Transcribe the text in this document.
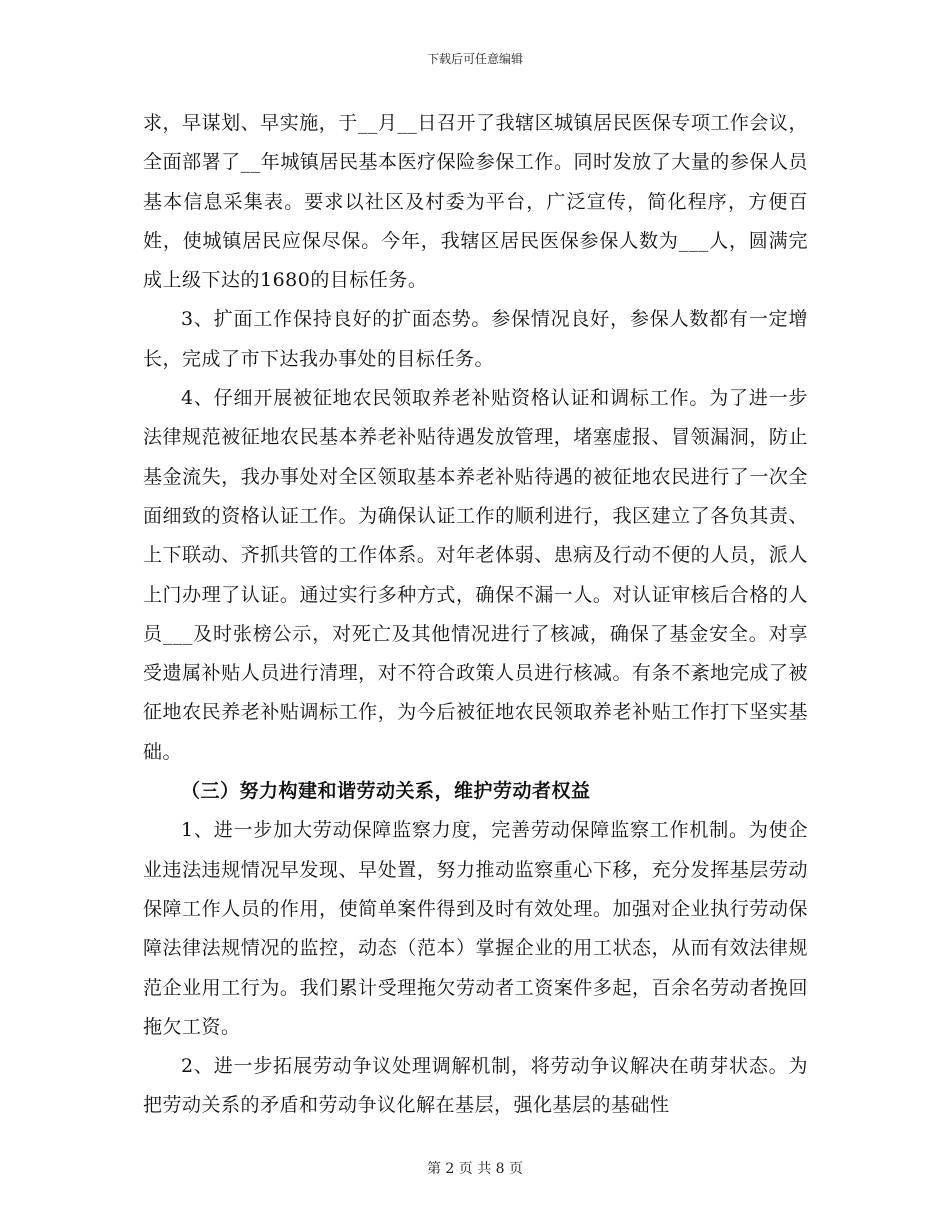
下载后可任意编辑

求，早谋划、早实施，于__月__日召开了我辖区城镇居民医保专项工作会议，全面部署了__年城镇居民基本医疗保险参保工作。同时发放了大量的参保人员基本信息采集表。要求以社区及村委为平台，广泛宣传，简化程序，方便百姓，使城镇居民应保尽保。今年，我辖区居民医保参保人数为___人，圆满完成上级下达的1680的目标任务。

3、扩面工作保持良好的扩面态势。参保情况良好，参保人数都有一定增长，完成了市下达我办事处的目标任务。

4、仔细开展被征地农民领取养老补贴资格认证和调标工作。为了进一步法律规范被征地农民基本养老补贴待遇发放管理，堵塞虚报、冒领漏洞，防止基金流失，我办事处对全区领取基本养老补贴待遇的被征地农民进行了一次全面细致的资格认证工作。为确保认证工作的顺利进行，我区建立了各负其责、上下联动、齐抓共管的工作体系。对年老体弱、患病及行动不便的人员，派人上门办理了认证。通过实行多种方式，确保不漏一人。对认证审核后合格的人员___及时张榜公示，对死亡及其他情况进行了核减，确保了基金安全。对享受遗属补贴人员进行清理，对不符合政策人员进行核减。有条不紊地完成了被征地农民养老补贴调标工作，为今后被征地农民领取养老补贴工作打下坚实基础。

（三）努力构建和谐劳动关系，维护劳动者权益

1、进一步加大劳动保障监察力度，完善劳动保障监察工作机制。为使企业违法违规情况早发现、早处置，努力推动监察重心下移，充分发挥基层劳动保障工作人员的作用，使简单案件得到及时有效处理。加强对企业执行劳动保障法律法规情况的监控，动态（范本）掌握企业的用工状态，从而有效法律规范企业用工行为。我们累计受理拖欠劳动者工资案件多起，百余名劳动者挽回拖欠工资。

2、进一步拓展劳动争议处理调解机制，将劳动争议解决在萌芽状态。为把劳动关系的矛盾和劳动争议化解在基层，强化基层的基础性

第 2 页 共 8 页
